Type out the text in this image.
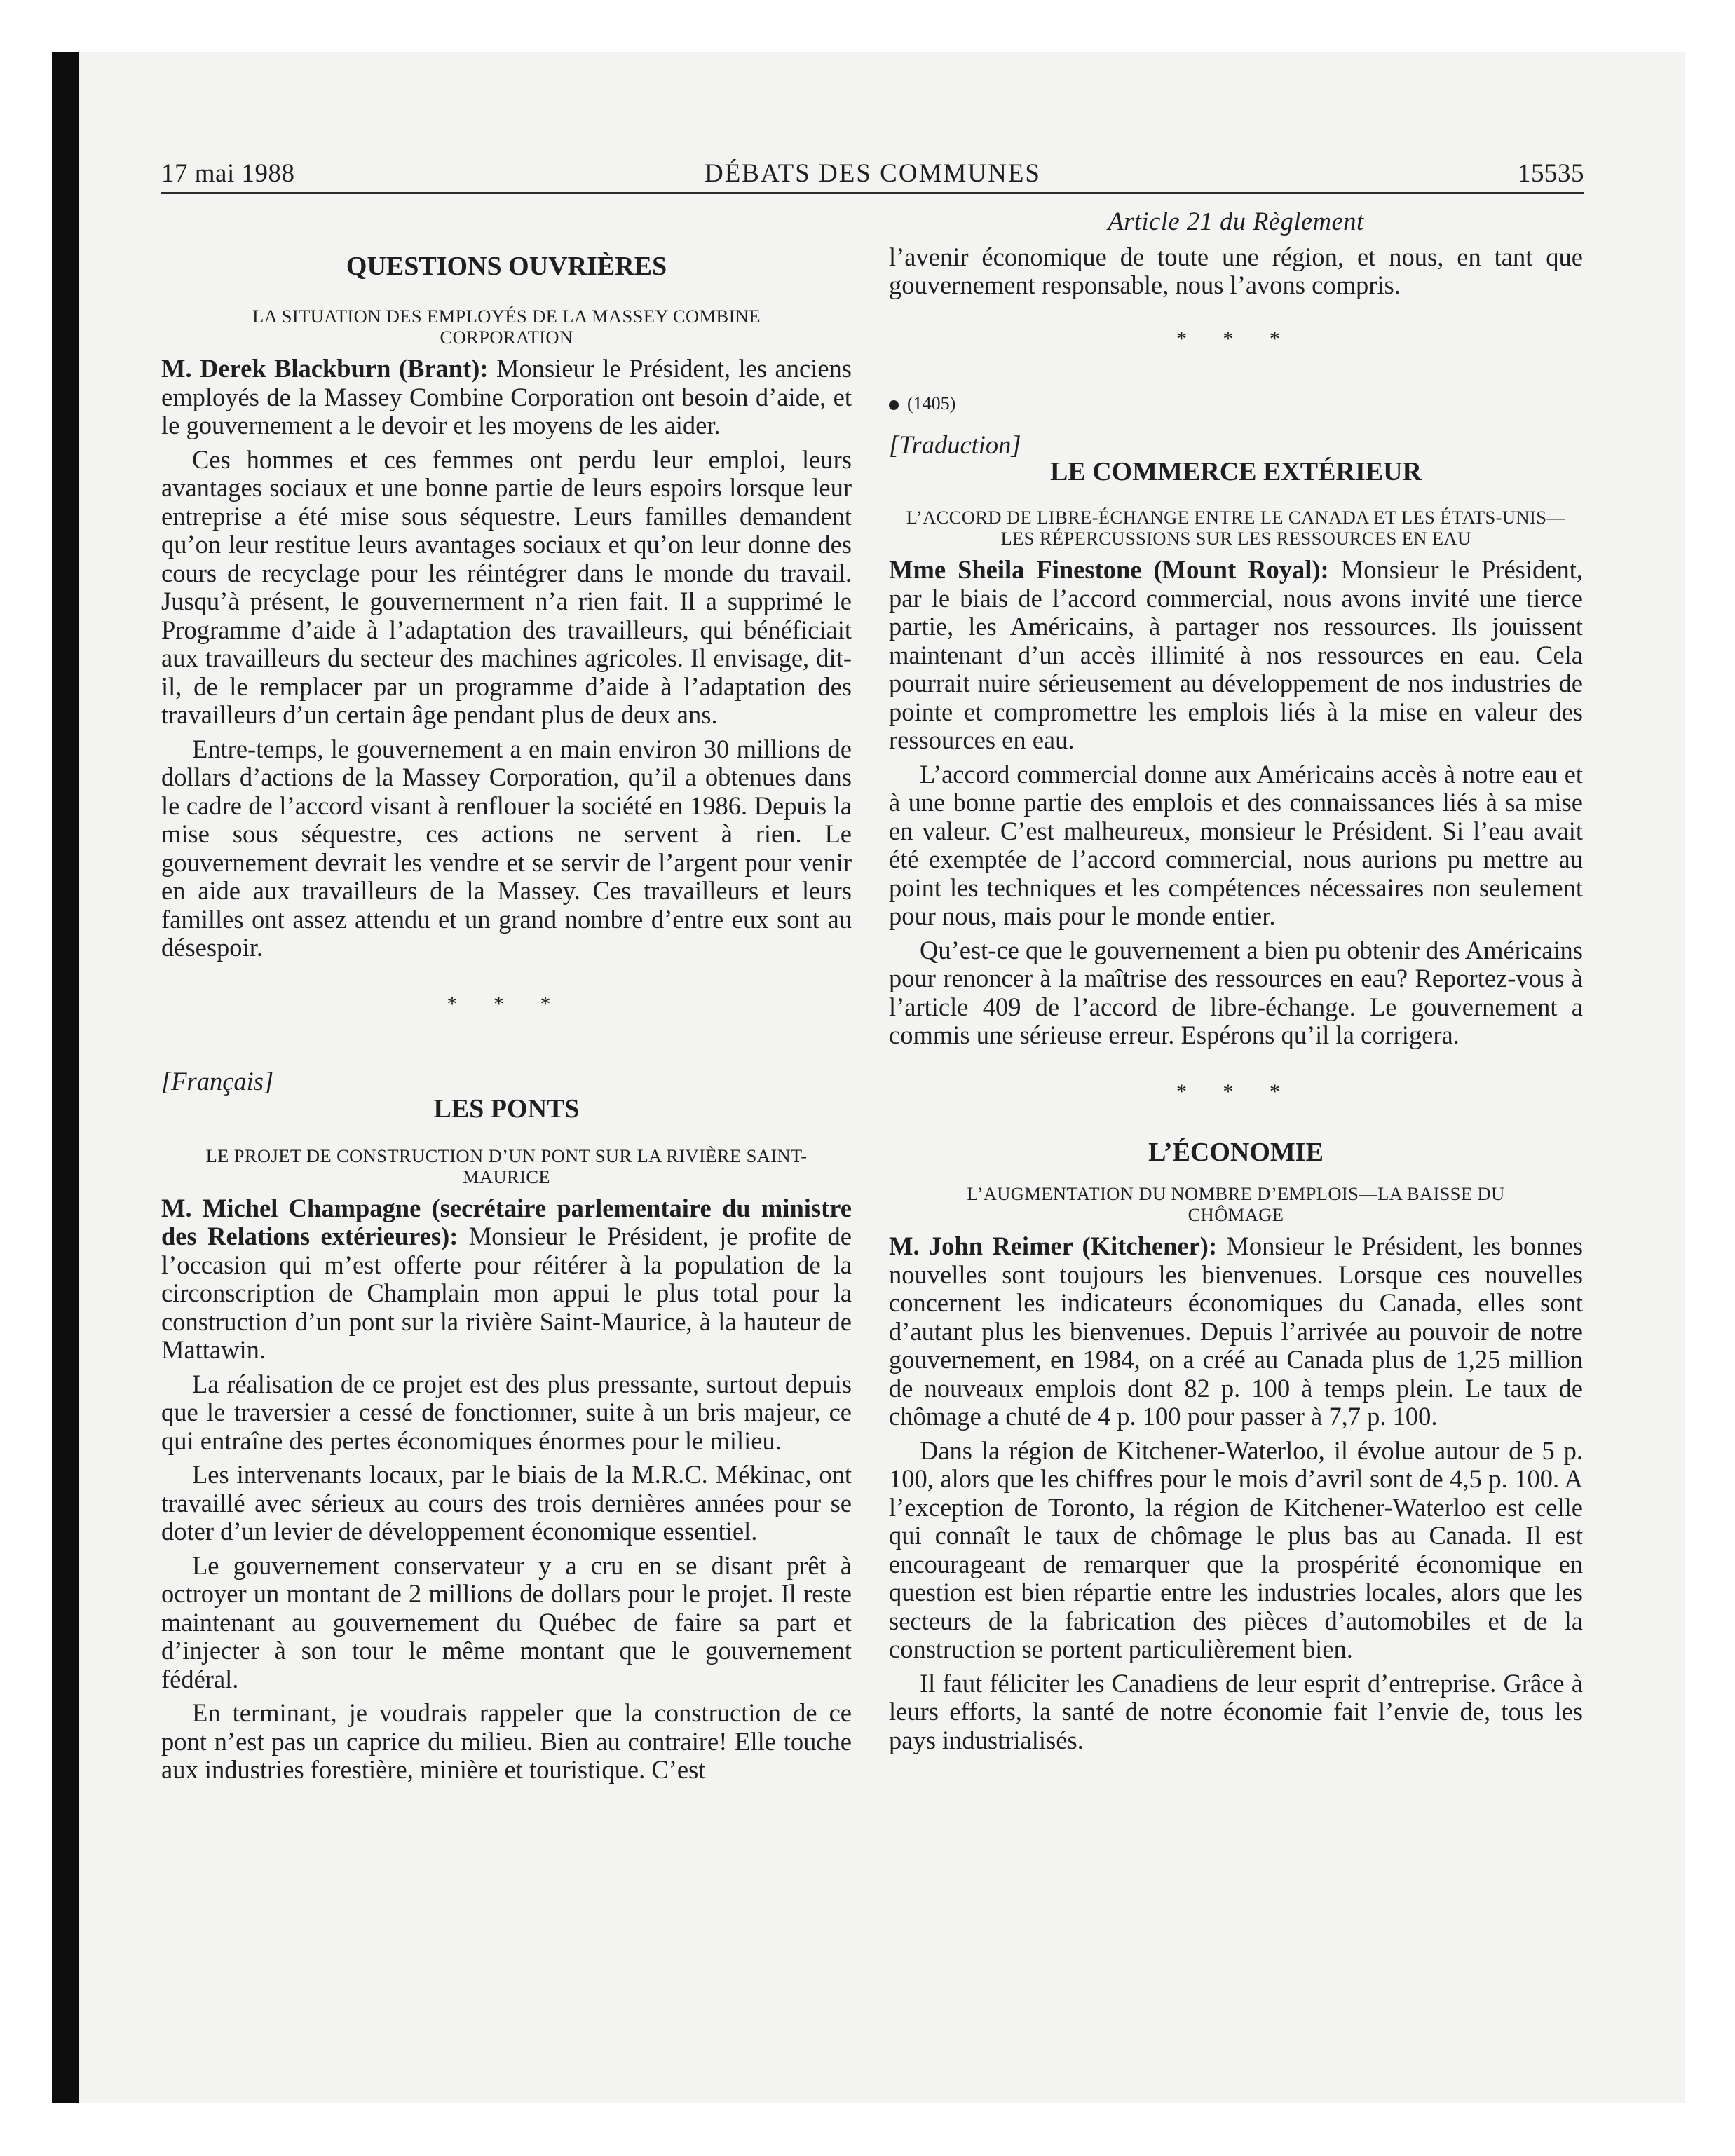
17 mai 1988	DÉBATS DES COMMUNES	15535
QUESTIONS OUVRIÈRES
LA SITUATION DES EMPLOYÉS DE LA MASSEY COMBINE CORPORATION

M. Derek Blackburn (Brant): Monsieur le Président, les anciens employés de la Massey Combine Corporation ont besoin d’aide, et le gouvernement a le devoir et les moyens de les aider.

Ces hommes et ces femmes ont perdu leur emploi, leurs avantages sociaux et une bonne partie de leurs espoirs lorsque leur entreprise a été mise sous séquestre. Leurs familles demandent qu’on leur restitue leurs avantages sociaux et qu’on leur donne des cours de recyclage pour les réintégrer dans le monde du travail. Jusqu’à présent, le gouvernerment n’a rien fait. Il a supprimé le Programme d’aide à l’adaptation des travailleurs, qui bénéficiait aux travailleurs du secteur des machines agricoles. Il envisage, dit-il, de le remplacer par un programme d’aide à l’adaptation des travailleurs d’un certain âge pendant plus de deux ans.

Entre-temps, le gouvernement a en main environ 30 millions de dollars d’actions de la Massey Corporation, qu’il a obtenues dans le cadre de l’accord visant à renflouer la société en 1986. Depuis la mise sous séquestre, ces actions ne servent à rien. Le gouvernement devrait les vendre et se servir de l’argent pour venir en aide aux travailleurs de la Massey. Ces travailleurs et leurs familles ont assez attendu et un grand nombre d’entre eux sont au désespoir.

* * *
[Français]
LES PONTS
LE PROJET DE CONSTRUCTION D’UN PONT SUR LA RIVIÈRE SAINT-MAURICE

M. Michel Champagne (secrétaire parlementaire du ministre des Relations extérieures): Monsieur le Président, je profite de l’occasion qui m’est offerte pour réitérer à la population de la circonscription de Champlain mon appui le plus total pour la construction d’un pont sur la rivière Saint-Maurice, à la hauteur de Mattawin.

La réalisation de ce projet est des plus pressante, surtout depuis que le traversier a cessé de fonctionner, suite à un bris majeur, ce qui entraîne des pertes économiques énormes pour le milieu.

Les intervenants locaux, par le biais de la M.R.C. Mékinac, ont travaillé avec sérieux au cours des trois dernières années pour se doter d’un levier de développement économique essentiel.

Le gouvernement conservateur y a cru en se disant prêt à octroyer un montant de 2 millions de dollars pour le projet. Il reste maintenant au gouvernement du Québec de faire sa part et d’injecter à son tour le même montant que le gouvernement fédéral.

En terminant, je voudrais rappeler que la construction de ce pont n’est pas un caprice du milieu. Bien au contraire! Elle touche aux industries forestière, minière et touristique. C’est

Article 21 du Règlement

l’avenir économique de toute une région, et nous, en tant que gouvernement responsable, nous l’avons compris.

* * *
(1405)
[Traduction]
LE COMMERCE EXTÉRIEUR
L’ACCORD DE LIBRE-ÉCHANGE ENTRE LE CANADA ET LES ÉTATS-UNIS—LES RÉPERCUSSIONS SUR LES RESSOURCES EN EAU

Mme Sheila Finestone (Mount Royal): Monsieur le Président, par le biais de l’accord commercial, nous avons invité une tierce partie, les Américains, à partager nos ressources. Ils jouissent maintenant d’un accès illimité à nos ressources en eau. Cela pourrait nuire sérieusement au développement de nos industries de pointe et compromettre les emplois liés à la mise en valeur des ressources en eau.

L’accord commercial donne aux Américains accès à notre eau et à une bonne partie des emplois et des connaissances liés à sa mise en valeur. C’est malheureux, monsieur le Président. Si l’eau avait été exemptée de l’accord commercial, nous aurions pu mettre au point les techniques et les compétences nécessaires non seulement pour nous, mais pour le monde entier.

Qu’est-ce que le gouvernement a bien pu obtenir des Américains pour renoncer à la maîtrise des ressources en eau? Reportez-vous à l’article 409 de l’accord de libre-échange. Le gouvernement a commis une sérieuse erreur. Espérons qu’il la corrigera.

* * *
L’ÉCONOMIE
L’AUGMENTATION DU NOMBRE D’EMPLOIS—LA BAISSE DU CHÔMAGE

M. John Reimer (Kitchener): Monsieur le Président, les bonnes nouvelles sont toujours les bienvenues. Lorsque ces nouvelles concernent les indicateurs économiques du Canada, elles sont d’autant plus les bienvenues. Depuis l’arrivée au pouvoir de notre gouvernement, en 1984, on a créé au Canada plus de 1,25 million de nouveaux emplois dont 82 p. 100 à temps plein. Le taux de chômage a chuté de 4 p. 100 pour passer à 7,7 p. 100.

Dans la région de Kitchener-Waterloo, il évolue autour de 5 p. 100, alors que les chiffres pour le mois d’avril sont de 4,5 p. 100. A l’exception de Toronto, la région de Kitchener-Waterloo est celle qui connaît le taux de chômage le plus bas au Canada. Il est encourageant de remarquer que la prospérité économique en question est bien répartie entre les industries locales, alors que les secteurs de la fabrication des pièces d’automobiles et de la construction se portent particulièrement bien.

Il faut féliciter les Canadiens de leur esprit d’entreprise. Grâce à leurs efforts, la santé de notre économie fait l’envie de, tous les pays industrialisés.
